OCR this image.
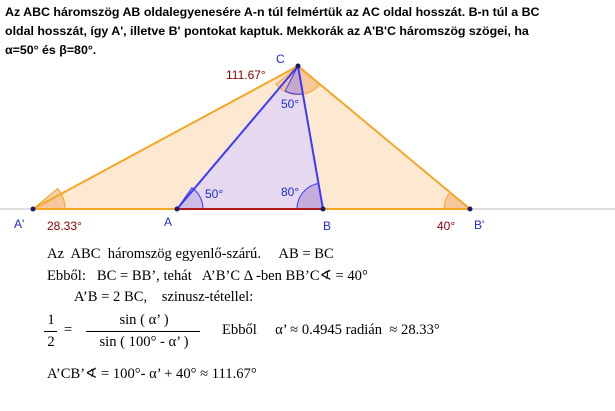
Az ABC háromszög AB oldalegyenesére A-n túl felmértük az AC oldal hosszát. B-n túl a BC
oldal hosszát, így A', illetve B' pontokat kaptuk. Mekkorák az A'B'C háromszög szögei, ha
α=50° és β=80°.
A'	A	B	B'
C
28.33°
111.67°
50°
50°	80°
40°
Az  ABC  háromszög egyenlő-szárú.     AB = BC
Ebből:   BC = BB’, tehát   A’B’C Δ -ben BB’C∢ = 40°
A’B = 2 BC,    szinusz-tétellel:
1
2
=
sin ( α’ )
sin ( 100° - α’ )
Ebből     α’ ≈ 0.4945 radián  ≈ 28.33°
A’CB’∢ = 100°- α’ + 40° ≈ 111.67°
